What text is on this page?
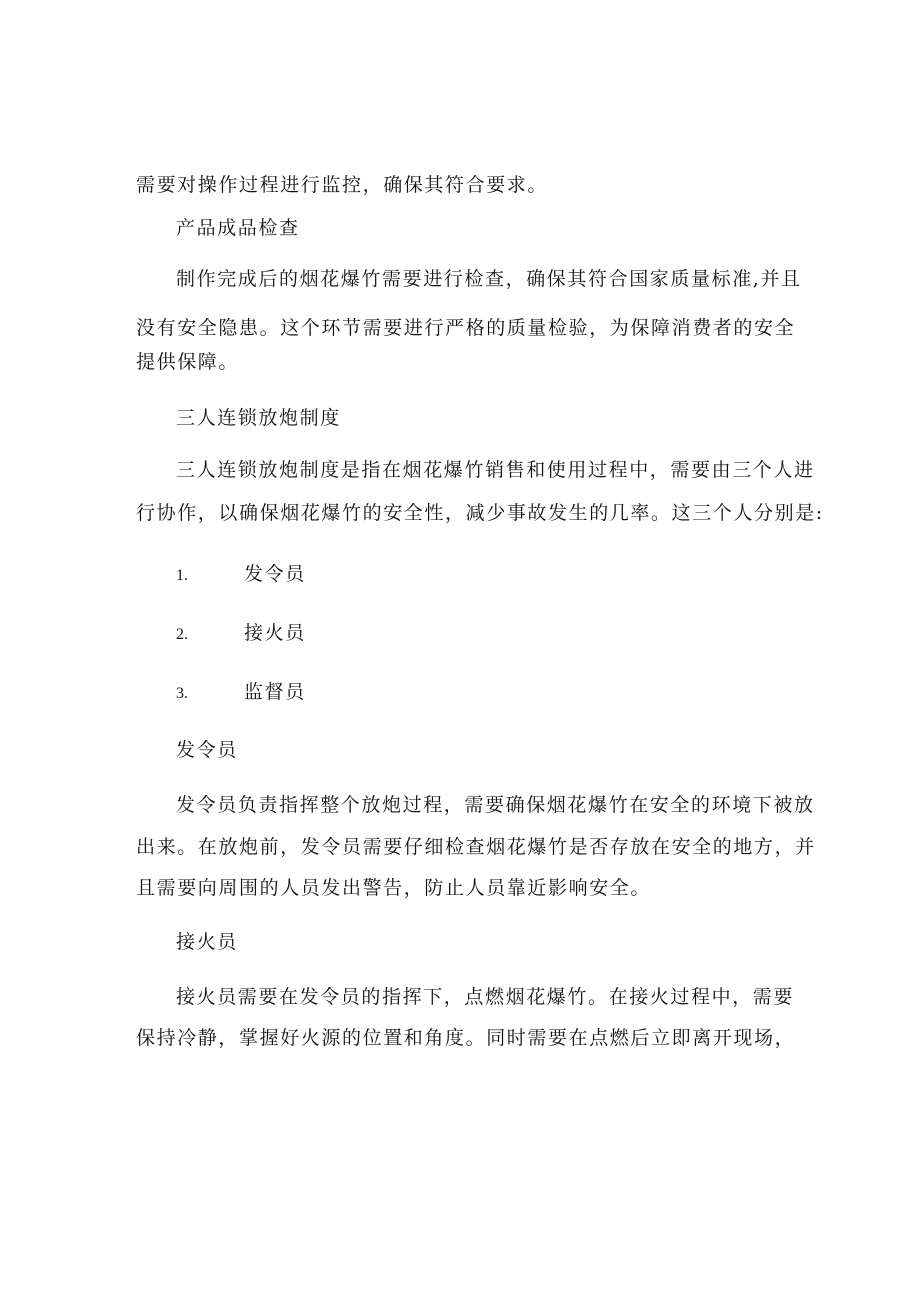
需要对操作过程进行监控，确保其符合要求。
产品成品检查
制作完成后的烟花爆竹需要进行检查，确保其符合国家质量标准,并且
没有安全隐患。这个环节需要进行严格的质量检验，为保障消费者的安全
提供保障。
三人连锁放炮制度
三人连锁放炮制度是指在烟花爆竹销售和使用过程中，需要由三个人进
行协作，以确保烟花爆竹的安全性，减少事故发生的几率。这三个人分别是:
1.	发令员
2.	接火员
3.	监督员
发令员
发令员负责指挥整个放炮过程，需要确保烟花爆竹在安全的环境下被放
出来。在放炮前，发令员需要仔细检查烟花爆竹是否存放在安全的地方，并
且需要向周围的人员发出警告，防止人员靠近影响安全。
接火员
接火员需要在发令员的指挥下，点燃烟花爆竹。在接火过程中，需要
保持冷静，掌握好火源的位置和角度。同时需要在点燃后立即离开现场，
